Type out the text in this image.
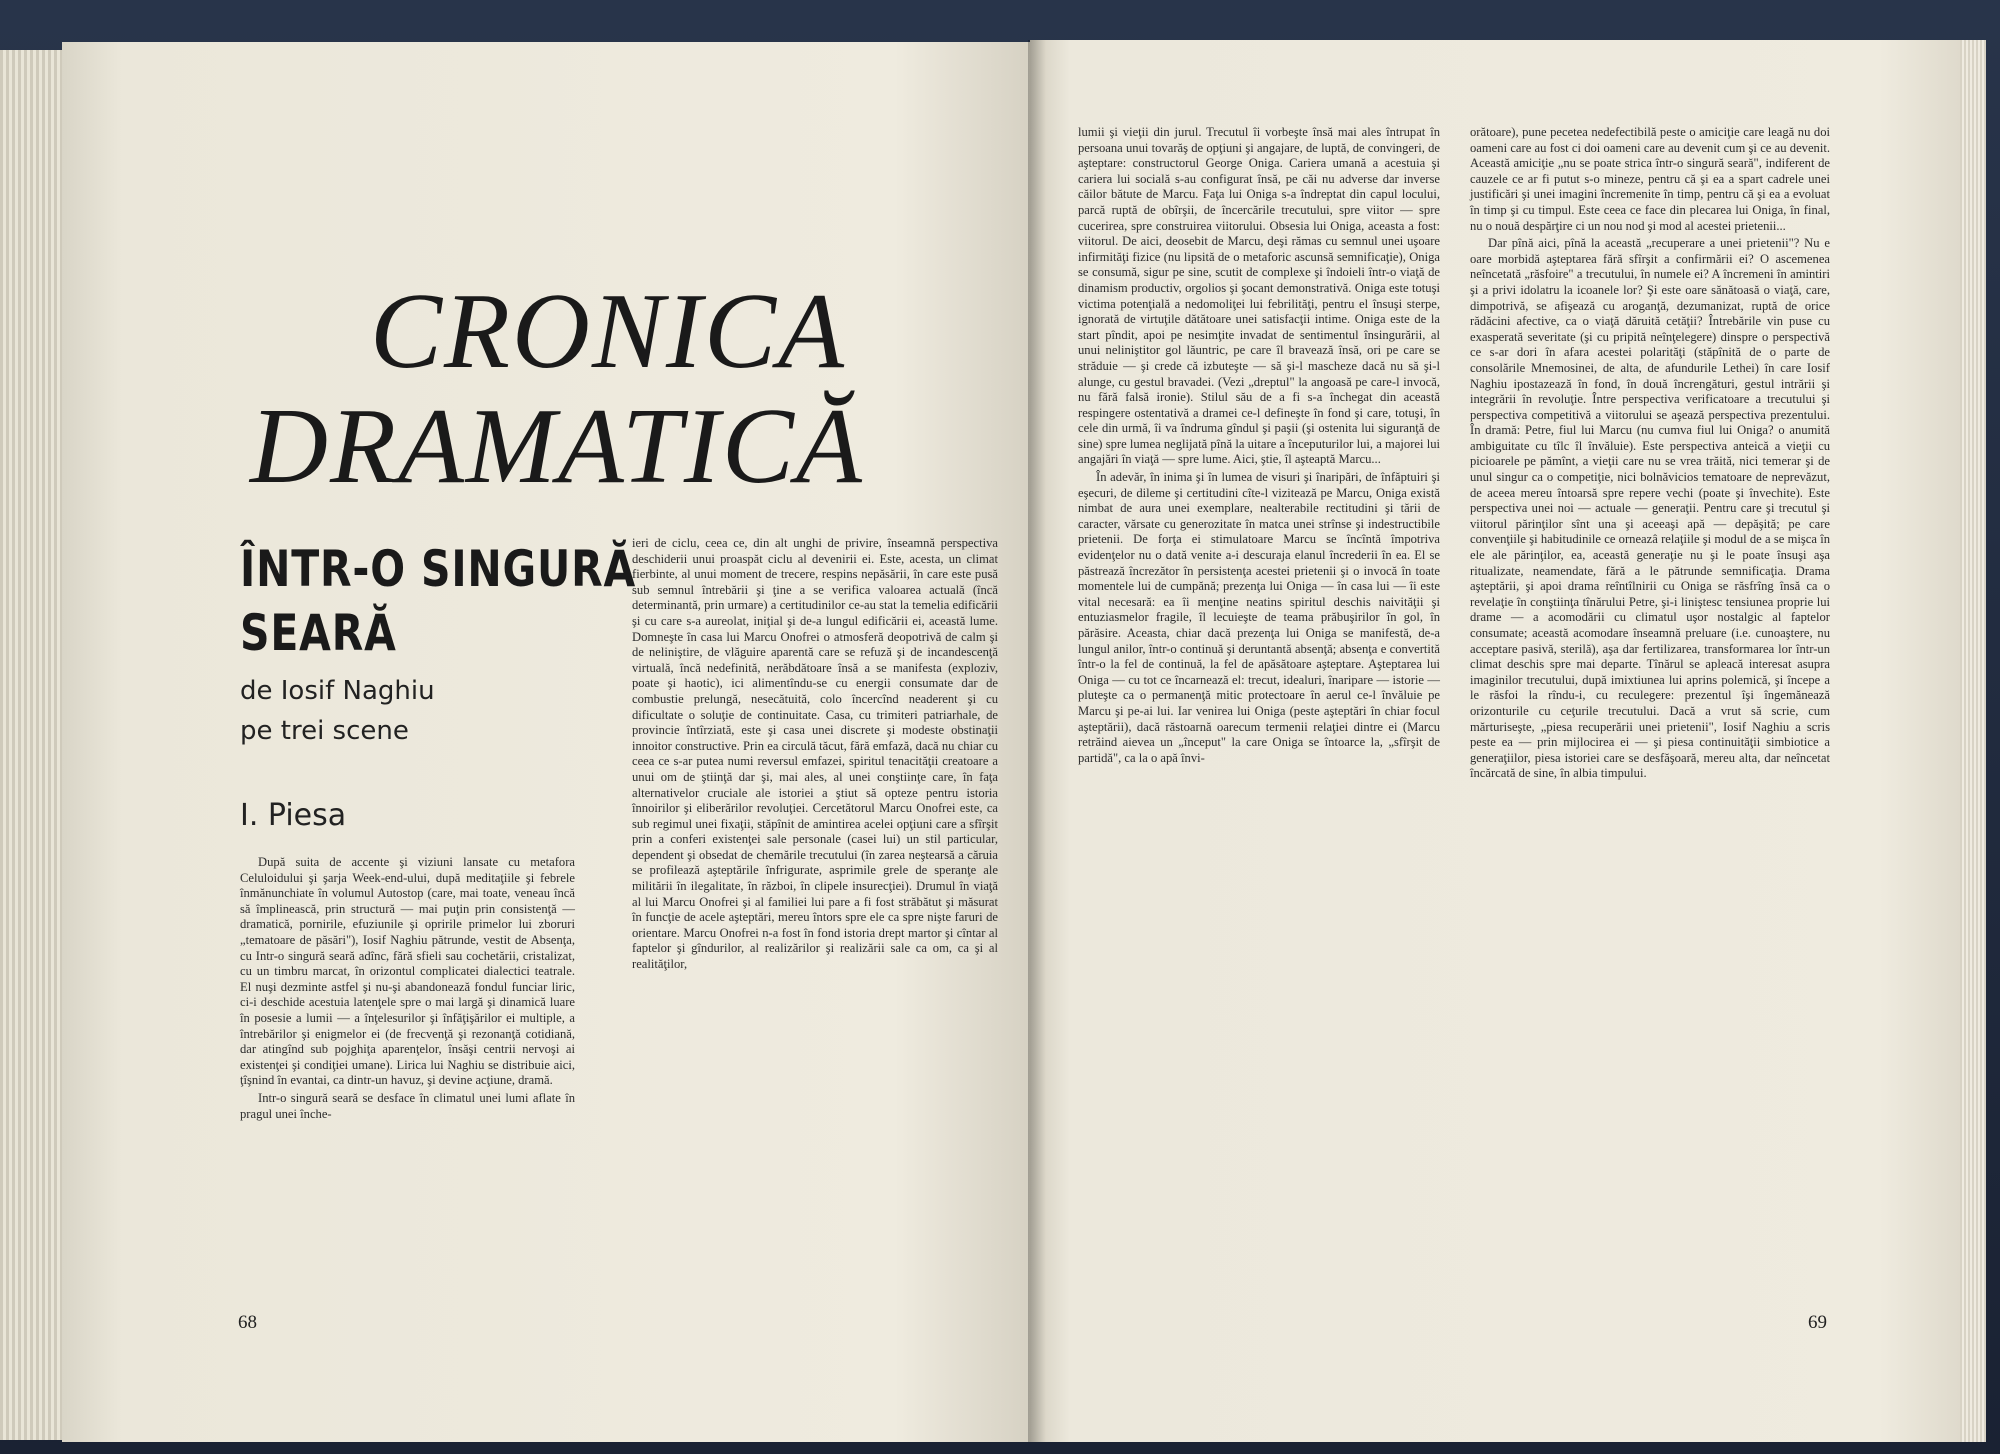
CRONICA
DRAMATICĂ
ÎNTR-O SINGURĂ
SEARĂ
de Iosif Naghiu
pe trei scene
I. Piesa

După suita de accente şi viziuni lansate cu metafora Celuloidului şi şarja Week-end-ului, după meditaţiile şi febrele înmănunchiate în volumul Autostop (care, mai toate, veneau încă să împlinească, prin structură — mai puţin prin consistenţă — dramatică, pornirile, efuziunile şi opririle primelor lui zboruri „tematoare de păsări"), Iosif Naghiu pătrunde, vestit de Absenţa, cu Intr-o singură seară adînc, fără sfieli sau cochetării, cristalizat, cu un timbru marcat, în orizontul complicatei dialectici teatrale. El nuşi dezminte astfel şi nu-şi abandonează fondul funciar liric, ci-i deschide acestuia latenţele spre o mai largă şi dinamică luare în posesie a lumii — a înţelesurilor şi înfăţişărilor ei multiple, a întrebărilor şi enigmelor ei (de frecvenţă şi rezonanţă cotidiană, dar atingînd sub pojghiţa aparenţelor, însăşi centrii nervoşi ai existenţei şi condiţiei umane). Lirica lui Naghiu se distribuie aici, ţîşnind în evantai, ca dintr-un havuz, şi devine acţiune, dramă.

Intr-o singură seară se desface în climatul unei lumi aflate în pragul unei înche-

ieri de ciclu, ceea ce, din alt unghi de privire, înseamnă perspectiva deschiderii unui proaspăt ciclu al devenirii ei. Este, acesta, un climat fierbinte, al unui moment de trecere, respins nepăsării, în care este pusă sub semnul întrebării şi ţine a se verifica valoarea actuală (încă determinantă, prin urmare) a certitudinilor ce-au stat la temelia edificării şi cu care s-a aureolat, iniţial şi de-a lungul edificării ei, această lume. Domneşte în casa lui Marcu Onofrei o atmosferă deopotrivă de calm şi de neliniştire, de vlăguire aparentă care se refuză şi de incandescenţă virtuală, încă nedefinită, nerăbdătoare însă a se manifesta (exploziv, poate şi haotic), ici alimentîndu-se cu energii consumate dar de combustie prelungă, nesecătuită, colo încercînd neaderent şi cu dificultate o soluţie de continuitate. Casa, cu trimiteri patriarhale, de provincie întîrziată, este şi casa unei discrete şi modeste obstinaţii innoitor constructive. Prin ea circulă tăcut, fără emfază, dacă nu chiar cu ceea ce s-ar putea numi reversul emfazei, spiritul tenacităţii creatoare a unui om de ştiinţă dar şi, mai ales, al unei conştiinţe care, în faţa alternativelor cruciale ale istoriei a ştiut să opteze pentru istoria înnoirilor şi eliberărilor revoluţiei. Cercetătorul Marcu Onofrei este, ca sub regimul unei fixaţii, stăpînit de amintirea acelei opţiuni care a sfîrşit prin a conferi existenţei sale personale (casei lui) un stil particular, dependent şi obsedat de chemările trecutului (în zarea neştearsă a căruia se profilează aşteptările înfrigurate, asprimile grele de speranţe ale militării în ilegalitate, în război, în clipele insurecţiei). Drumul în viaţă al lui Marcu Onofrei şi al familiei lui pare a fi fost străbătut şi măsurat în funcţie de acele aşteptări, mereu întors spre ele ca spre nişte faruri de orientare. Marcu Onofrei n-a fost în fond istoria drept martor şi cîntar al faptelor şi gîndurilor, al realizărilor şi realizării sale ca om, ca şi al realităţilor,

lumii şi vieţii din jurul. Trecutul îi vorbeşte însă mai ales întrupat în persoana unui tovarăş de opţiuni şi angajare, de luptă, de convingeri, de aşteptare: constructorul George Oniga. Cariera umană a acestuia şi cariera lui socială s-au configurat însă, pe căi nu adverse dar inverse căilor bătute de Marcu. Faţa lui Oniga s-a îndreptat din capul locului, parcă ruptă de obîrşii, de încercările trecutului, spre viitor — spre cucerirea, spre construirea viitorului. Obsesia lui Oniga, aceasta a fost: viitorul. De aici, deosebit de Marcu, deşi rămas cu semnul unei uşoare infirmităţi fizice (nu lipsită de o metaforic ascunsă semnificaţie), Oniga se consumă, sigur pe sine, scutit de complexe şi îndoieli într-o viaţă de dinamism productiv, orgolios şi şocant demonstrativă. Oniga este totuşi victima potenţială a nedomoliţei lui febrilităţi, pentru el însuşi sterpe, ignorată de virtuţile dătătoare unei satisfacţii intime. Oniga este de la start pîndit, apoi pe nesimţite invadat de sentimentul însingurării, al unui neliniştitor gol lăuntric, pe care îl bravează însă, ori pe care se străduie — şi crede că izbuteşte — să şi-l mascheze dacă nu să şi-l alunge, cu gestul bravadei. (Vezi „dreptul" la angoasă pe care-l invocă, nu fără falsă ironie). Stilul său de a fi s-a închegat din această respingere ostentativă a dramei ce-l defineşte în fond şi care, totuşi, în cele din urmă, îi va îndruma gîndul şi paşii (şi ostenita lui siguranţă de sine) spre lumea neglijată pînă la uitare a începuturilor lui, a majorei lui angajări în viaţă — spre lume. Aici, ştie, îl aşteaptă Marcu...

În adevăr, în inima şi în lumea de visuri şi înaripări, de înfăptuiri şi eşecuri, de dileme şi certitudini cîte-l vizitează pe Marcu, Oniga există nimbat de aura unei exemplare, nealterabile rectitudini şi tării de caracter, vărsate cu generozitate în matca unei strînse şi indestructibile prietenii. De forţa ei stimulatoare Marcu se încîntă împotriva evidenţelor nu o dată venite a-i descuraja elanul încrederii în ea. El se păstrează încrezător în persistenţa acestei prietenii şi o invocă în toate momentele lui de cumpănă; prezenţa lui Oniga — în casa lui — îi este vital necesară: ea îi menţine neatins spiritul deschis naivităţii şi entuziasmelor fragile, îl lecuieşte de teama prăbuşirilor în gol, în părăsire. Aceasta, chiar dacă prezenţa lui Oniga se manifestă, de-a lungul anilor, într-o continuă şi deruntantă absenţă; absenţa e convertită într-o la fel de continuă, la fel de apăsătoare aşteptare. Aşteptarea lui Oniga — cu tot ce încarnează el: trecut, idealuri, înaripare — istorie — pluteşte ca o permanenţă mitic protectoare în aerul ce-l învăluie pe Marcu şi pe-ai lui. Iar venirea lui Oniga (peste aşteptări în chiar focul aşteptării), dacă răstoarnă oarecum termenii relaţiei dintre ei (Marcu retrăind aievea un „început" la care Oniga se întoarce la, „sfîrşit de partidă", ca la o apă învi-

orătoare), pune pecetea nedefectibilă peste o amiciţie care leagă nu doi oameni care au fost ci doi oameni care au devenit cum şi ce au devenit. Această amiciţie „nu se poate strica într-o singură seară", indiferent de cauzele ce ar fi putut s-o mineze, pentru că şi ea a spart cadrele unei justificări şi unei imagini încremenite în timp, pentru că şi ea a evoluat în timp şi cu timpul. Este ceea ce face din plecarea lui Oniga, în final, nu o nouă despărţire ci un nou nod şi mod al acestei prietenii...

Dar pînă aici, pînă la această „recuperare a unei prietenii"? Nu e oare morbidă aşteptarea fără sfîrşit a confirmării ei? O ascemenea neîncetată „răsfoire" a trecutului, în numele ei? A încremeni în amintiri şi a privi idolatru la icoanele lor? Şi este oare sănătoasă o viaţă, care, dimpotrivă, se afişează cu aroganţă, dezumanizat, ruptă de orice rădăcini afective, ca o viaţă dăruită cetăţii? Întrebările vin puse cu exasperată severitate (şi cu pripită neînţelegere) dinspre o perspectivă ce s-ar dori în afara acestei polarităţi (stăpînită de o parte de consolările Mnemosinei, de alta, de afundurile Lethei) în care Iosif Naghiu ipostazează în fond, în două încrengături, gestul intrării şi integrării în revoluţie. Între perspectiva verificatoare a trecutului şi perspectiva competitivă a viitorului se aşează perspectiva prezentului. În dramă: Petre, fiul lui Marcu (nu cumva fiul lui Oniga? o anumită ambiguitate cu tîlc îl învăluie). Este perspectiva anteică a vieţii cu picioarele pe pămînt, a vieţii care nu se vrea trăită, nici temerar şi de unul singur ca o competiţie, nici bolnăvicios tematoare de neprevăzut, de aceea mereu întoarsă spre repere vechi (poate şi învechite). Este perspectiva unei noi — actuale — generaţii. Pentru care şi trecutul şi viitorul părinţilor sînt una şi aceeaşi apă — depăşită; pe care convenţiile şi habitudinile ce orneazâ relaţiile şi modul de a se mişca în ele ale părinţilor, ea, această generaţie nu şi le poate însuşi aşa ritualizate, neamendate, fără a le pătrunde semnificaţia. Drama aşteptării, şi apoi drama reîntîlnirii cu Oniga se răsfrîng însă ca o revelaţie în conştiinţa tînărului Petre, şi-i liniştesc tensiunea proprie lui drame — a acomodării cu climatul uşor nostalgic al faptelor consumate; această acomodare înseamnă preluare (i.e. cunoaştere, nu acceptare pasivă, sterilă), aşa dar fertilizarea, transformarea lor într-un climat deschis spre mai departe. Tînărul se apleacă interesat asupra imaginilor trecutului, după imixtiunea lui aprins polemică, şi începe a le răsfoi la rîndu-i, cu reculegere: prezentul îşi îngemănează orizonturile cu ceţurile trecutului. Dacă a vrut să scrie, cum mărturiseşte, „piesa recuperării unei prietenii", Iosif Naghiu a scris peste ea — prin mijlocirea ei — şi piesa continuităţii simbiotice a generaţiilor, piesa istoriei care se desfăşoară, mereu alta, dar neîncetat încărcată de sine, în albia timpului.

68	69
